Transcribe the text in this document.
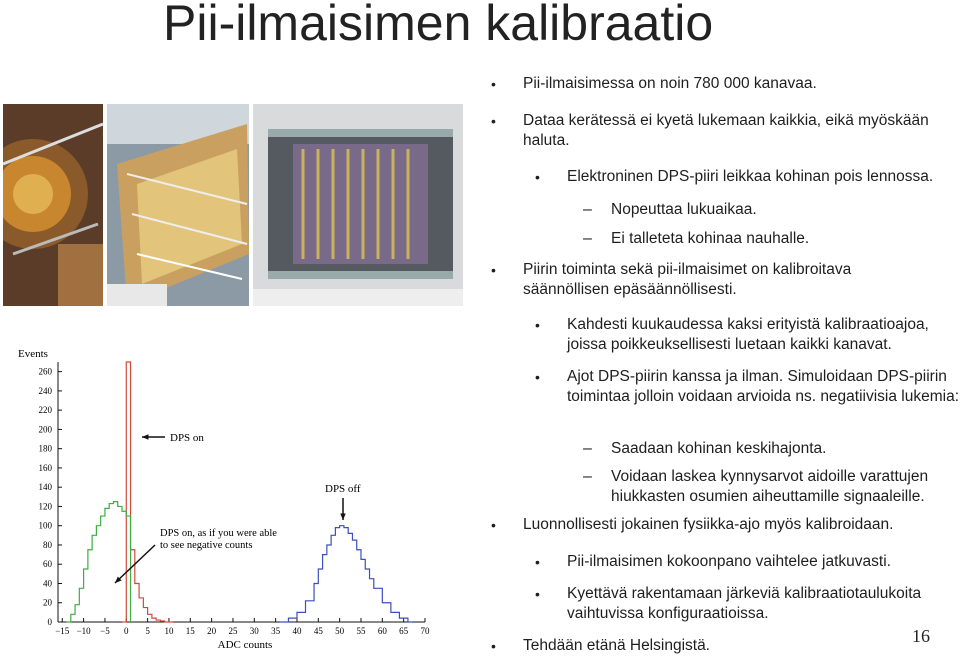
Pii-ilmaisimen kalibraatio
Events
ADC counts
−15 −10 −5 0 5 10 15 20 25 30 35 40 45 50 55 60 65 70
0
20
40
60
80
100
120
140
160
180
200
220
240
260
DPS on
DPS off
DPS on, as if you were able to see negative counts
• Pii-ilmaisimessa on noin 780 000 kanavaa.
• Dataa kerätessä ei kyetä lukemaan kaikkia, eikä myöskään haluta.
• Elektroninen DPS-piiri leikkaa kohinan pois lennossa.
– Nopeuttaa lukuaikaa.
– Ei talleteta kohinaa nauhalle.
• Piirin toiminta sekä pii-ilmaisimet on kalibroitava säännöllisen epäsäännöllisesti.
• Kahdesti kuukaudessa kaksi erityistä kalibraatioajoa, joissa poikkeuksellisesti luetaan kaikki kanavat.
• Ajot DPS-piirin kanssa ja ilman. Simuloidaan DPS-piirin toimintaa jolloin voidaan arvioida ns. negatiivisia lukemia:
– Saadaan kohinan keskihajonta.
– Voidaan laskea kynnysarvot aidoille varattujen hiukkasten osumien aiheuttamille signaaleille.
• Luonnollisesti jokainen fysiikka-ajo myös kalibroidaan.
• Pii-ilmaisimen kokoonpano vaihtelee jatkuvasti.
• Kyettävä rakentamaan järkeviä kalibraatiotaulukoita vaihtuvissa konfiguraatioissa.
• Tehdään etänä Helsingistä.	16
